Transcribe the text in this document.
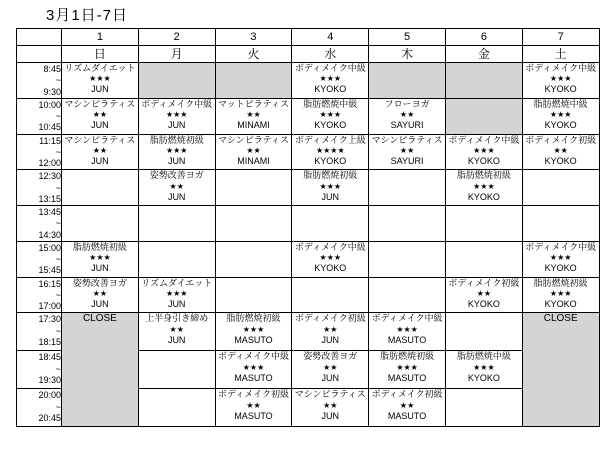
3月1日-7日
	1	2	3	4	5	6	7
	日	月	火	水	木	金	土

8:45
~
9:30	リズムダイエット
★★★
JUN			ボディメイク中級
★★★
KYOKO			ボディメイク中級
★★★
KYOKO

10:00
~
10:45	マシンピラティス
★★
JUN	ボディメイク中級
★★★
JUN	マットピラティス
★★
MINAMI	脂肪燃焼中級
★★★
KYOKO	フローヨガ
★★
SAYURI		脂肪燃焼中級
★★★
KYOKO

11:15
~
12:00	マシンピラティス
★★
JUN	脂肪燃焼初級
★★★
JUN	マシンピラティス
★★
MINAMI	ボディメイク上級
★★★★
KYOKO	マシンピラティス
★★
SAYURI	ボディメイク中級
★★★
KYOKO	ボディメイク初級
★★
KYOKO

12:30
~
13:15		姿勢改善ヨガ
★★
JUN		脂肪燃焼初級
★★★
JUN		脂肪燃焼初級
★★★
KYOKO	

13:45
~
14:30							

15:00
~
15:45	脂肪燃焼初級
★★★
JUN			ボディメイク中級
★★★
KYOKO			ボディメイク中級
★★★
KYOKO

16:15
~
17:00	姿勢改善ヨガ
★★
JUN	リズムダイエット
★★★
JUN				ボディメイク初級
★★
KYOKO	脂肪燃焼初級
★★★
KYOKO

17:30
~
18:15	CLOSE	上半身引き締め
★★
JUN	脂肪燃焼初級
★★★
MASUTO	ボディメイク初級
★★
JUN	ボディメイク中級
★★★
MASUTO		CLOSE

18:45
~
19:30			ボディメイク中級
★★★
MASUTO	姿勢改善ヨガ
★★
JUN	脂肪燃焼初級
★★★
MASUTO	脂肪燃焼中級
★★★
KYOKO	

20:00
~
20:45			ボディメイク初級
★★
MASUTO	マシンピラティス
★★
JUN	ボディメイク初級
★★
MASUTO		
